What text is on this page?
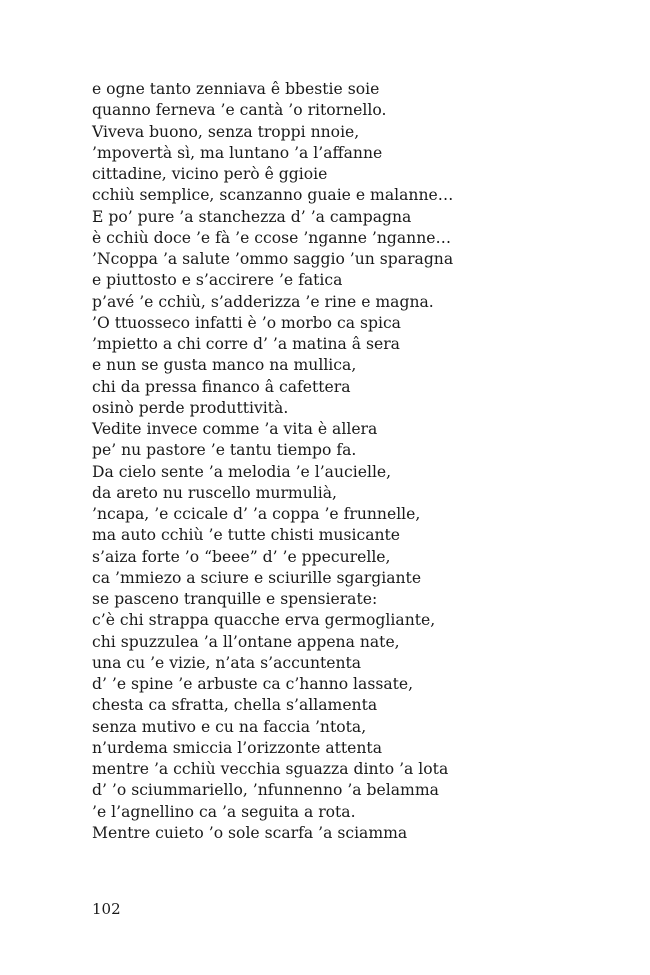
e ogne tanto zenniava ê bbestie soie
quanno ferneva ’e cantà ’o ritornello.
Viveva buono, senza troppi nnoie,
’mpovertà sì, ma luntano ’a l’affanne
cittadine, vicino però ê ggioie
cchiù semplice, scanzanno guaie e malanne…
E po’ pure ’a stanchezza d’ ’a campagna
è cchiù doce ’e fà ’e ccose ’nganne ’nganne…
’Ncoppa ’a salute ’ommo saggio ’un sparagna
e piuttosto e s’accirere ’e fatica
p’avé ’e cchiù, s’adderizza ’e rine e magna.
’O ttuosseco infatti è ’o morbo ca spica
’mpietto a chi corre d’ ’a matina â sera
e nun se gusta manco na mullica,
chi da pressa financo â cafettera
osinò perde produttività.
Vedite invece comme ’a vita è allera
pe’ nu pastore ’e tantu tiempo fa.
Da cielo sente ’a melodia ’e l’aucielle,
da areto nu ruscello murmulià,
’ncapa, ’e ccicale d’ ’a coppa ’e frunnelle,
ma auto cchiù ’e tutte chisti musicante
s’aiza forte ’o “beee” d’ ’e ppecurelle,
ca ’mmiezo a sciure e sciurille sgargiante
se pasceno tranquille e spensierate:
c’è chi strappa quacche erva germogliante,
chi spuzzulea ’a ll’ontane appena nate,
una cu ’e vizie, n’ata s’accuntenta
d’ ’e spine ’e arbuste ca c’hanno lassate,
chesta ca sfratta, chella s’allamenta
senza mutivo e cu na faccia ’ntota,
n’urdema smiccia l’orizzonte attenta
mentre ’a cchiù vecchia sguazza dinto ’a lota
d’ ’o sciummariello, ’nfunnenno ’a belamma
’e l’agnellino ca ’a seguita a rota.
Mentre cuieto ’o sole scarfa ’a sciamma
102
